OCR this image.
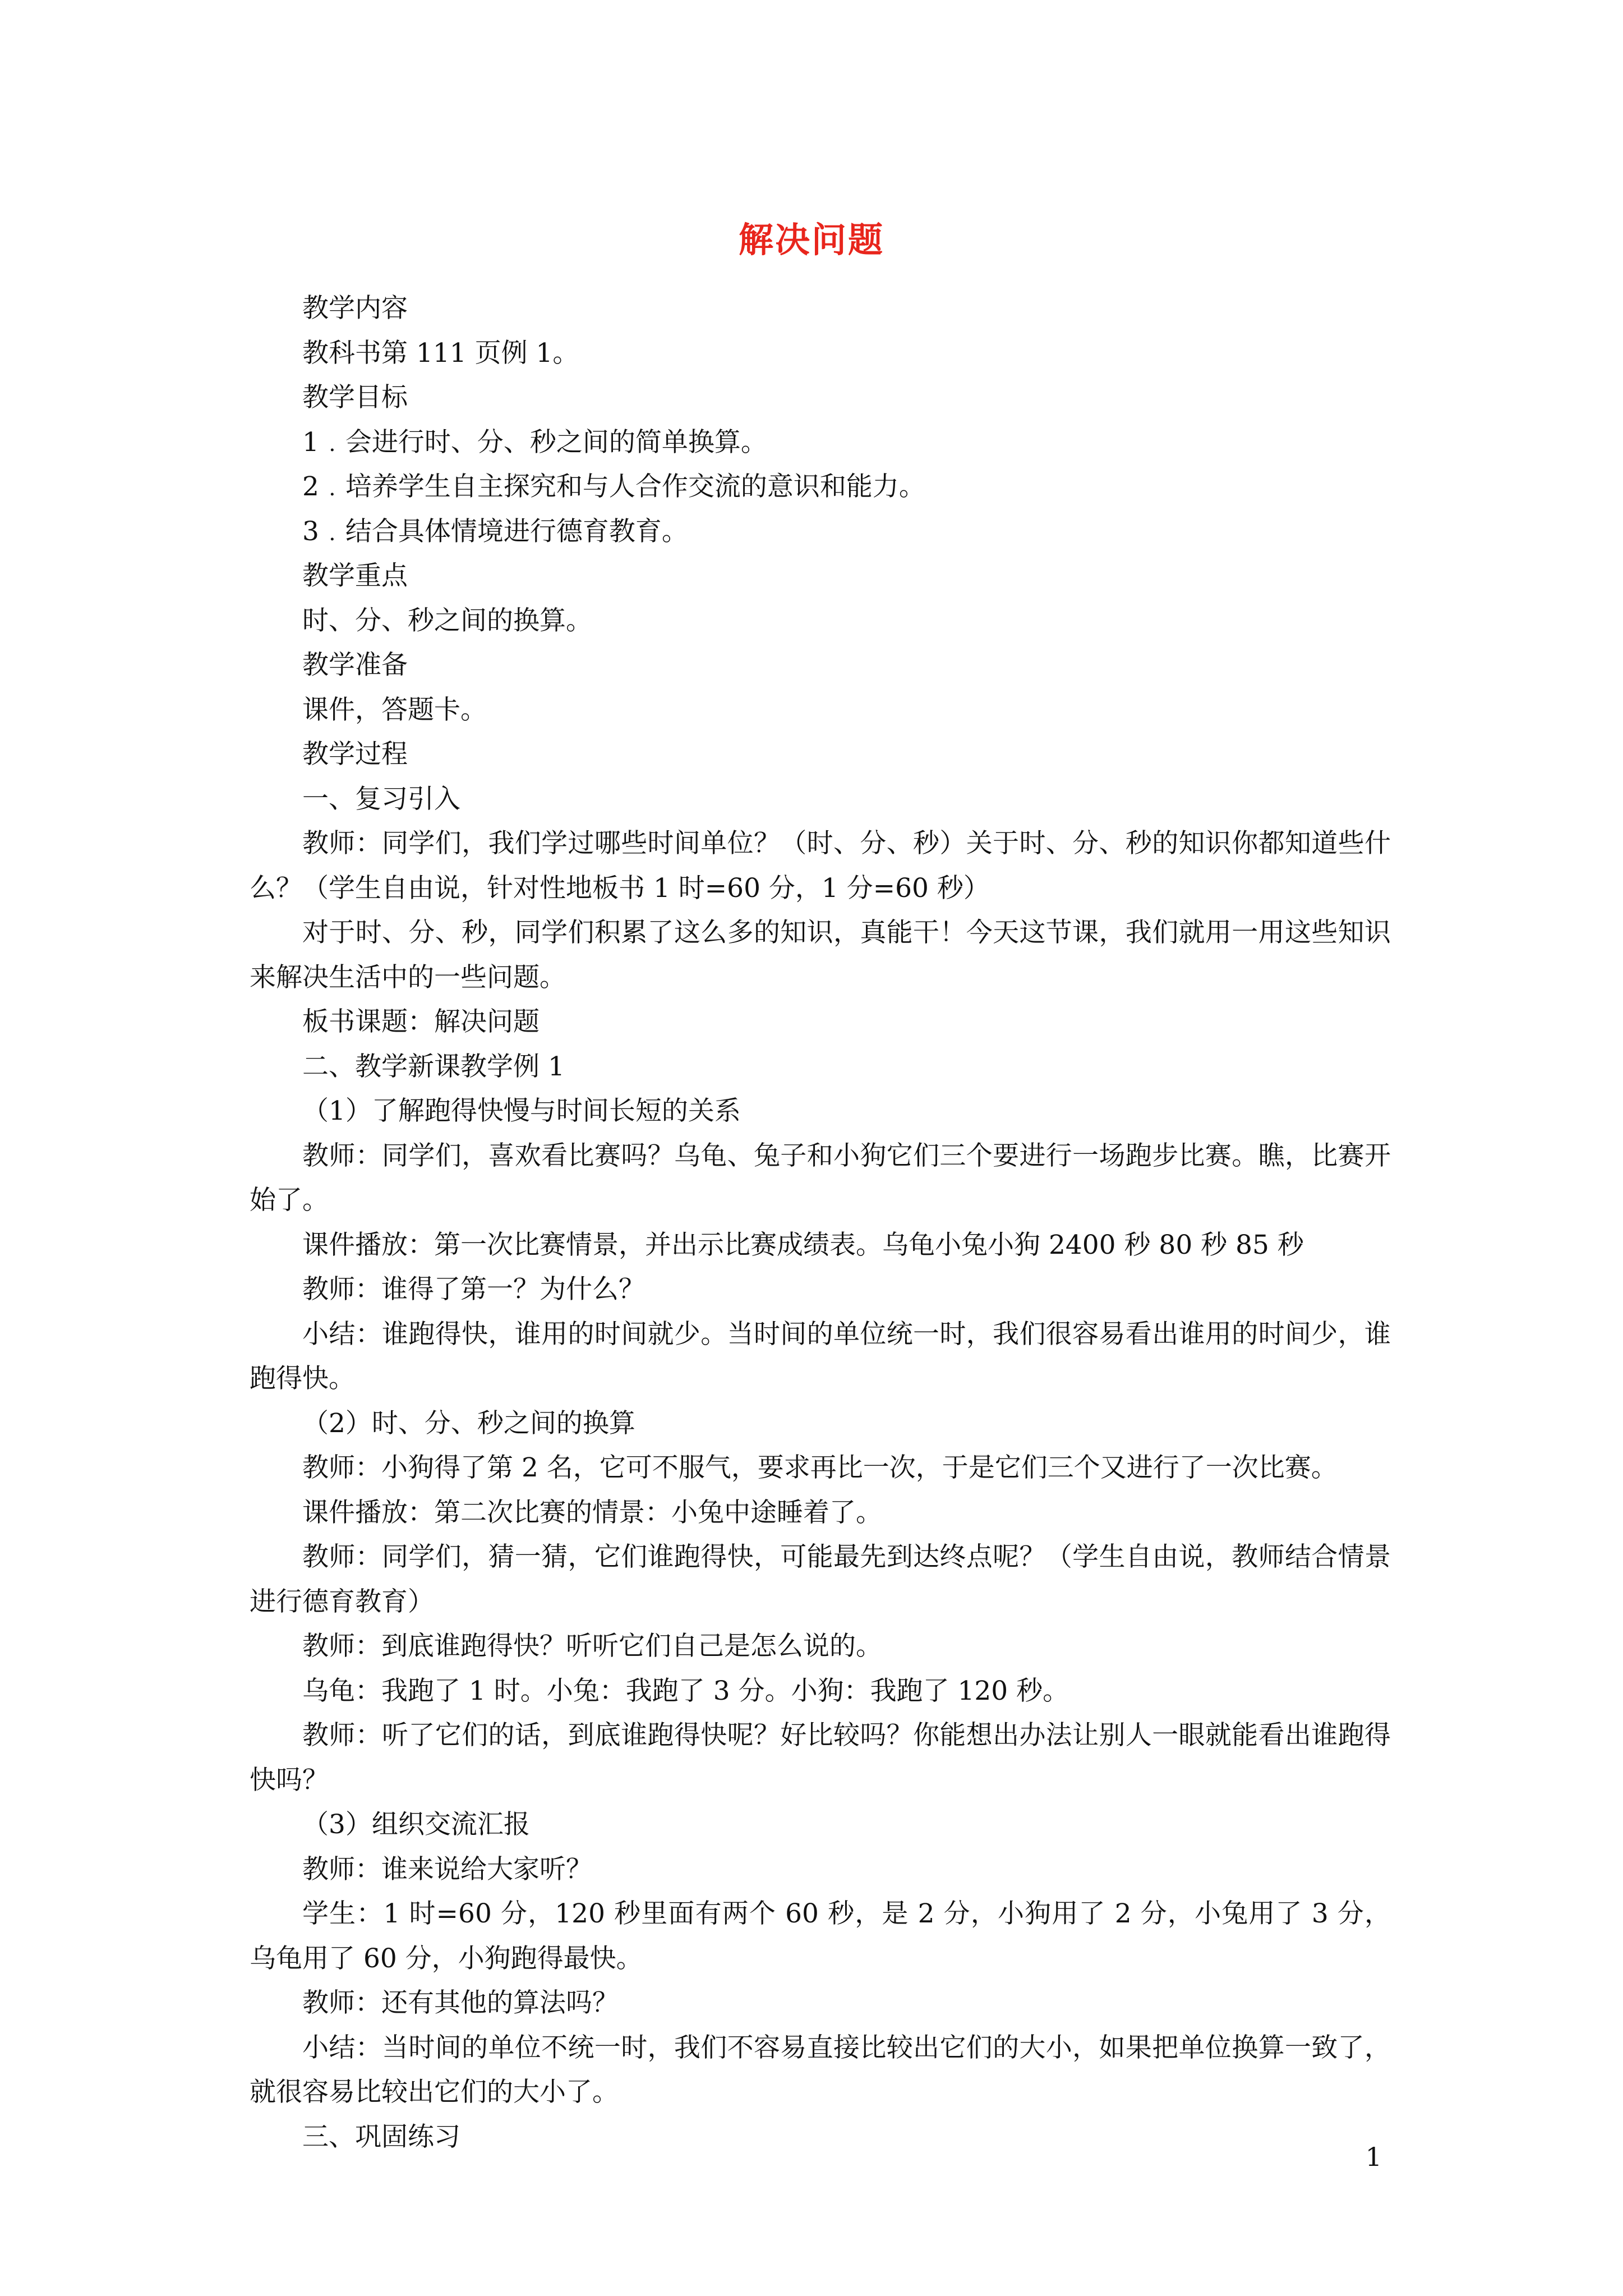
解决问题

教学内容

教科书第 111 页例 1。

教学目标

1﹒会进行时、分、秒之间的简单换算。

2﹒培养学生自主探究和与人合作交流的意识和能力。

3﹒结合具体情境进行德育教育。

教学重点

时、分、秒之间的换算。

教学准备

课件，答题卡。

教学过程

一、复习引入

教师：同学们，我们学过哪些时间单位？（时、分、秒）关于时、分、秒的知识你都知道些什么？（学生自由说，针对性地板书 1 时=60 分，1 分=60 秒）

对于时、分、秒，同学们积累了这么多的知识，真能干！今天这节课，我们就用一用这些知识来解决生活中的一些问题。

板书课题：解决问题

二、教学新课教学例 1

（1）了解跑得快慢与时间长短的关系

教师：同学们，喜欢看比赛吗？乌龟、兔子和小狗它们三个要进行一场跑步比赛。瞧，比赛开始了。

课件播放：第一次比赛情景，并出示比赛成绩表。乌龟小兔小狗 2400 秒 80 秒 85 秒

教师：谁得了第一？为什么？

小结：谁跑得快，谁用的时间就少。当时间的单位统一时，我们很容易看出谁用的时间少，谁跑得快。

（2）时、分、秒之间的换算

教师：小狗得了第 2 名，它可不服气，要求再比一次，于是它们三个又进行了一次比赛。

课件播放：第二次比赛的情景：小兔中途睡着了。

教师：同学们，猜一猜，它们谁跑得快，可能最先到达终点呢？（学生自由说，教师结合情景进行德育教育）

教师：到底谁跑得快？听听它们自己是怎么说的。

乌龟：我跑了 1 时。小兔：我跑了 3 分。小狗：我跑了 120 秒。

教师：听了它们的话，到底谁跑得快呢？好比较吗？你能想出办法让别人一眼就能看出谁跑得快吗？

（3）组织交流汇报

教师：谁来说给大家听？

学生：1 时=60 分，120 秒里面有两个 60 秒，是 2 分，小狗用了 2 分，小兔用了 3 分，乌龟用了 60 分，小狗跑得最快。

教师：还有其他的算法吗？

小结：当时间的单位不统一时，我们不容易直接比较出它们的大小，如果把单位换算一致了，就很容易比较出它们的大小了。

三、巩固练习

1
